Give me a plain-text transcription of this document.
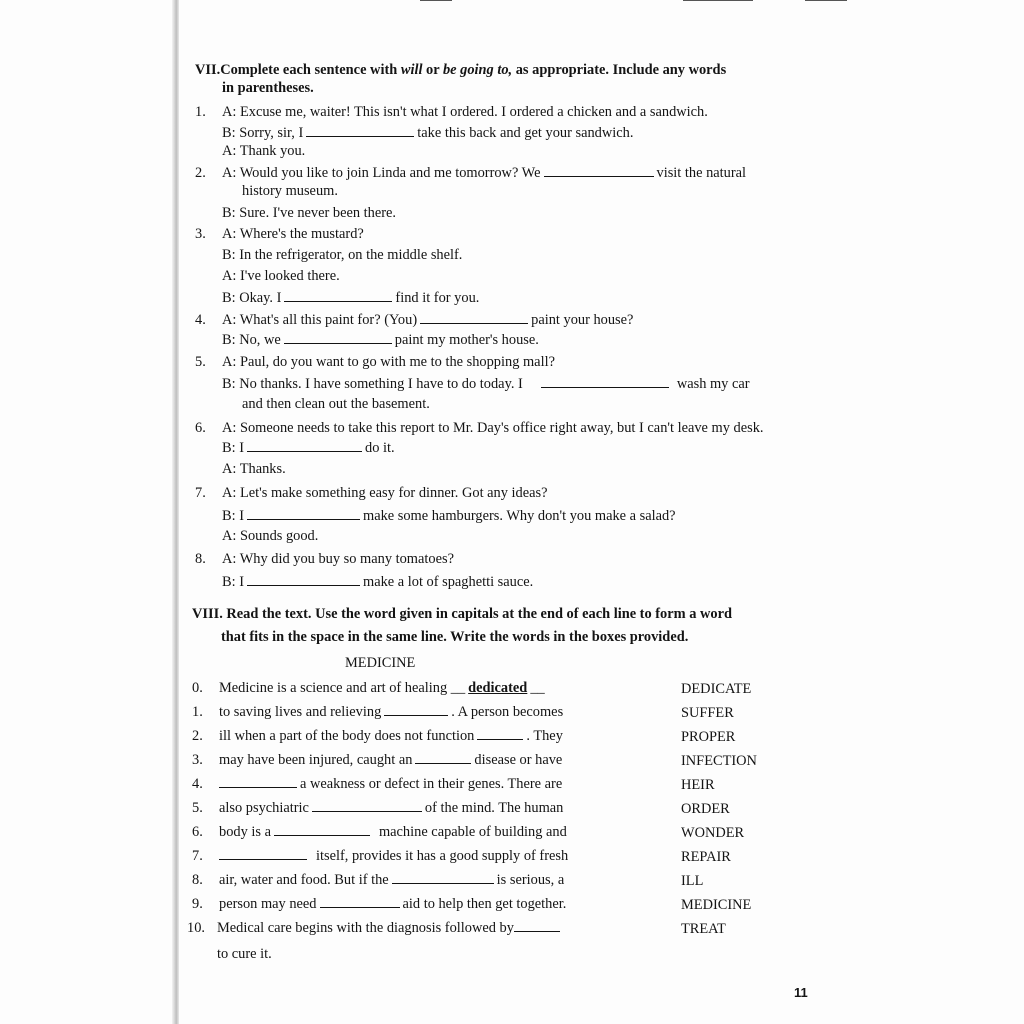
VII.Complete each sentence with will or be going to, as appropriate. Include any words
in parentheses.
1. A: Excuse me, waiter! This isn't what I ordered. I ordered a chicken and a sandwich.
B: Sorry, sir, I	take this back and get your sandwich.
A: Thank you.
2. A: Would you like to join Linda and me tomorrow? We	visit the natural
history museum.
B: Sure. I've never been there.
3. A: Where's the mustard?
B: In the refrigerator, on the middle shelf.
A: I've looked there.
B: Okay. I	find it for you.
4. A: What's all this paint for? (You)	paint your house?
B: No, we	paint my mother's house.
5. A: Paul, do you want to go with me to the shopping mall?
B: No thanks. I have something I have to do today. I	wash my car
and then clean out the basement.
6. A: Someone needs to take this report to Mr. Day's office right away, but I can't leave my desk.
B: I	do it.
A: Thanks.
7. A: Let's make something easy for dinner. Got any ideas?
B: I	make some hamburgers. Why don't you make a salad?
A: Sounds good.
8. A: Why did you buy so many tomatoes?
B: I	make a lot of spaghetti sauce.
VIII. Read the text. Use the word given in capitals at the end of each line to form a word
that fits in the space in the same line. Write the words in the boxes provided.
MEDICINE
0. Medicine is a science and art of healing __ dedicated __	DEDICATE
1. to saving lives and relieving	. A person becomes	SUFFER
2. ill when a part of the body does not function	. They	PROPER
3. may have been injured, caught an	disease or have	INFECTION
4.	a weakness or defect in their genes. There are	HEIR
5. also psychiatric	of the mind. The human	ORDER
6. body is a	machine capable of building and	WONDER
7.	itself, provides it has a good supply of fresh	REPAIR
8. air, water and food. But if the	is serious, a	ILL
9. person may need	aid to help then get together.	MEDICINE
10. Medical care begins with the diagnosis followed by	TREAT
to cure it.
11
